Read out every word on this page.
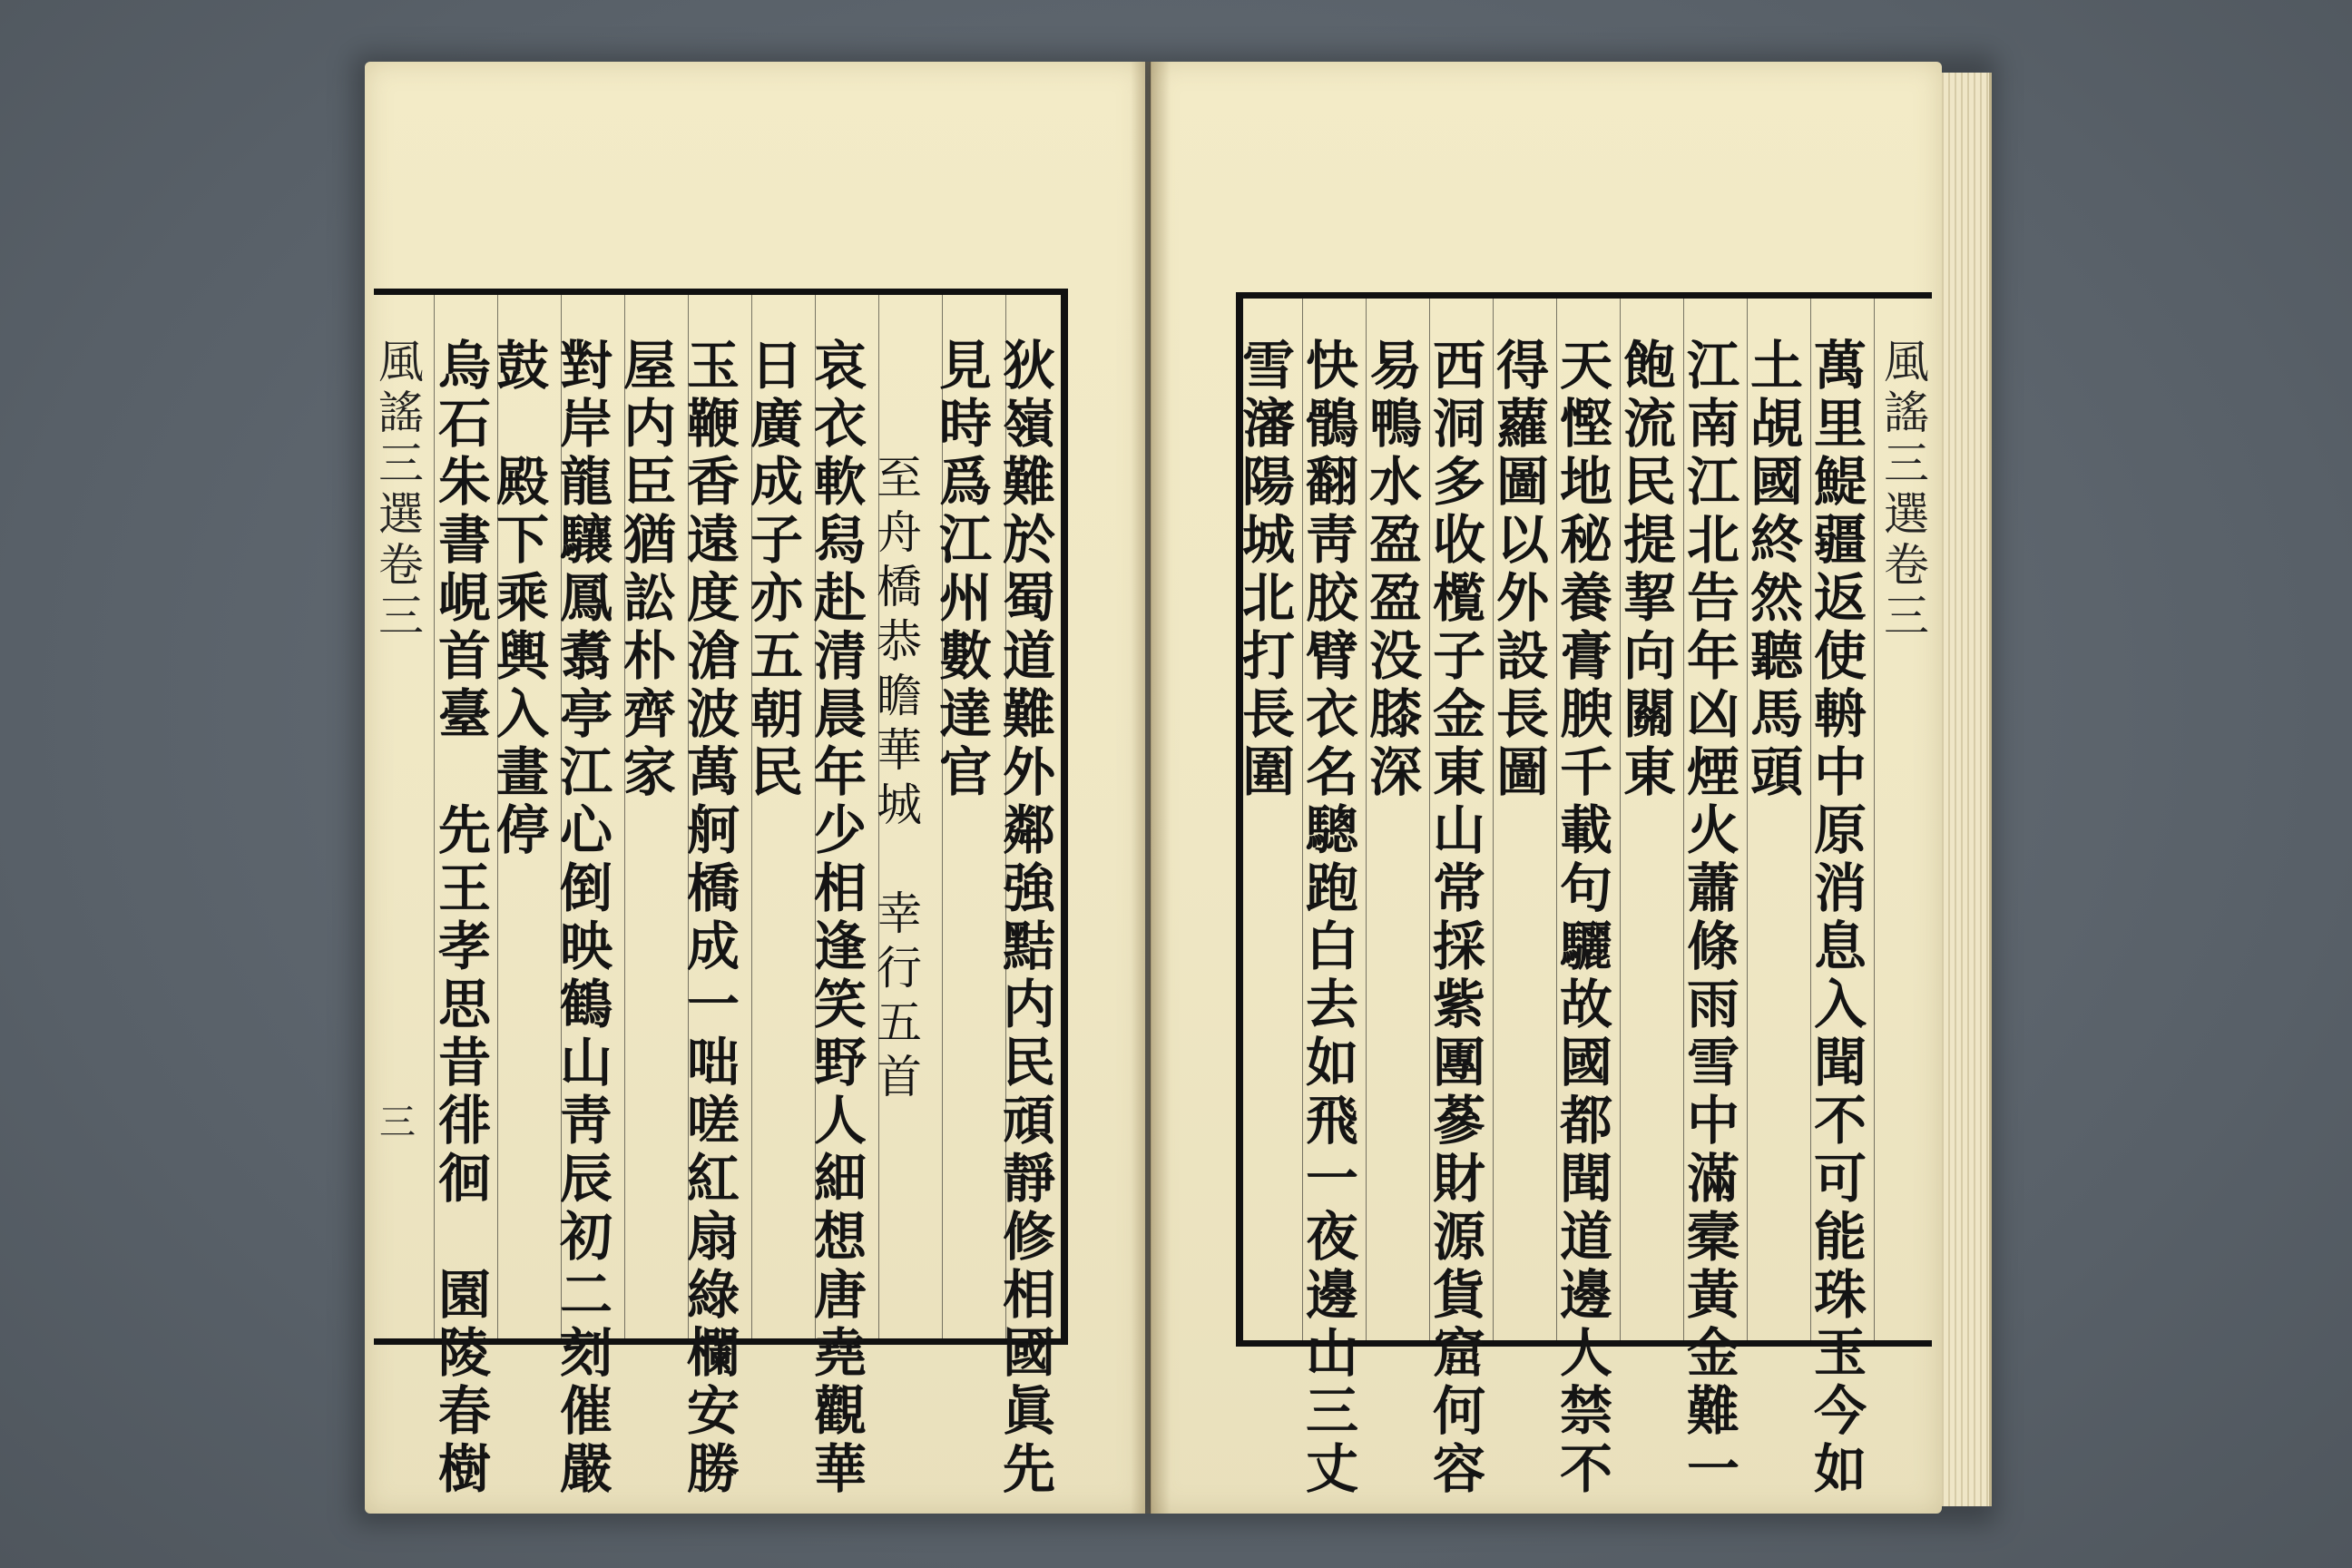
風謠三選卷三
三	狄嶺難於蜀道難外鄰強黠内民頑靜修相國眞先
見時爲江州數達官
至舟橋恭瞻華城　幸行五首
哀衣軟舄赴清晨年少相逢笑野人細想唐堯觀華
日廣成子亦五朝民
玉鞭香遠度滄波萬舸橋成一咄嗟紅扇綠欄安勝
屋内臣猶訟朴齊家
對岸龍驤鳳翥亭江心倒映鶴山靑辰初二刻催嚴
鼓　殿下乘輿入畫停
烏石朱書峴首臺　先王孝思昔徘徊　園陵春樹	風謠三選卷三
萬里鯷疆返使輈中原消息入聞不可能珠玉今如
土覘國終然聽馬頭
江南江北告年凶煙火蕭條雨雪中滿槖黃金難一
飽流民提挈向關東
天慳地秘養膏腴千載句驪故國都聞道邊人禁不
得蘿圖以外設長圖
西洞多收㰖子金東山常採紫團蔘財源貨窟何容
易鴨水盈盈没膝深
快鶻翻靑胶臂衣名驄跑白去如飛一夜邊山三丈
雪瀋陽城北打長圍
